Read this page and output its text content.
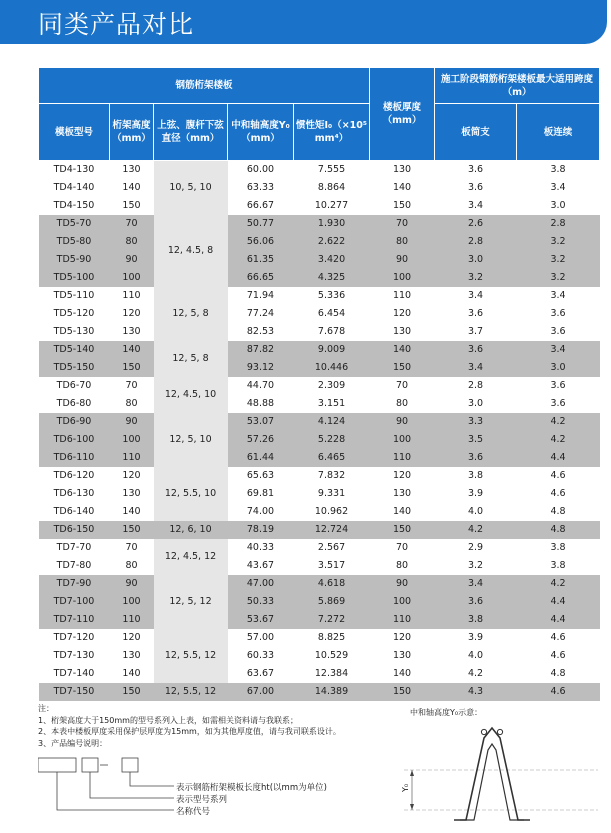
同类产品对比
钢筋桁架楼板					楼板厚度（mm）	施工阶段钢筋桁架楼板最大适用跨度（m）	
模板型号	桁架高度（mm）	上弦、腹杆下弦直径（mm）	中和轴高度Y₀（mm）	惯性矩I₀（×10⁵ mm⁴）		板简支	板连续
TD4-130	130	10, 5, 10	60.00	7.555	130	3.6	3.8
TD4-140	140		63.33	8.864	140	3.6	3.4
TD4-150	150		66.67	10.277	150	3.4	3.0
TD5-70	70	12, 4.5, 8	50.77	1.930	70	2.6	2.8
TD5-80	80		56.06	2.622	80	2.8	3.2
TD5-90	90		61.35	3.420	90	3.0	3.2
TD5-100	100		66.65	4.325	100	3.2	3.2
TD5-110	110	12, 5, 8	71.94	5.336	110	3.4	3.4
TD5-120	120		77.24	6.454	120	3.6	3.6
TD5-130	130		82.53	7.678	130	3.7	3.6
TD5-140	140	12, 5, 8	87.82	9.009	140	3.6	3.4
TD5-150	150		93.12	10.446	150	3.4	3.0
TD6-70	70	12, 4.5, 10	44.70	2.309	70	2.8	3.6
TD6-80	80		48.88	3.151	80	3.0	3.6
TD6-90	90	12, 5, 10	53.07	4.124	90	3.3	4.2
TD6-100	100		57.26	5.228	100	3.5	4.2
TD6-110	110		61.44	6.465	110	3.6	4.4
TD6-120	120	12, 5.5, 10	65.63	7.832	120	3.8	4.6
TD6-130	130		69.81	9.331	130	3.9	4.6
TD6-140	140		74.00	10.962	140	4.0	4.8
TD6-150	150	12, 6, 10	78.19	12.724	150	4.2	4.8
TD7-70	70	12, 4.5, 12	40.33	2.567	70	2.9	3.8
TD7-80	80		43.67	3.517	80	3.2	3.8
TD7-90	90	12, 5, 12	47.00	4.618	90	3.4	4.2
TD7-100	100		50.33	5.869	100	3.6	4.4
TD7-110	110		53.67	7.272	110	3.8	4.4
TD7-120	120	12, 5.5, 12	57.00	8.825	120	3.9	4.6
TD7-130	130		60.33	10.529	130	4.0	4.6
TD7-140	140		63.67	12.384	140	4.2	4.8
TD7-150	150	12, 5.5, 12	67.00	14.389	150	4.3	4.6
注：
1、桁架高度大于150mm的型号系列入上表，如需相关资料请与我联系；
2、本表中楼板厚度采用保护层厚度为15mm，如为其他厚度值，请与我司联系设计。
3、产品编号说明：
表示钢筋桁架模板长度ht(以mm为单位)
表示型号系列
名称代号
中和轴高度Y₀示意：
Y₀
